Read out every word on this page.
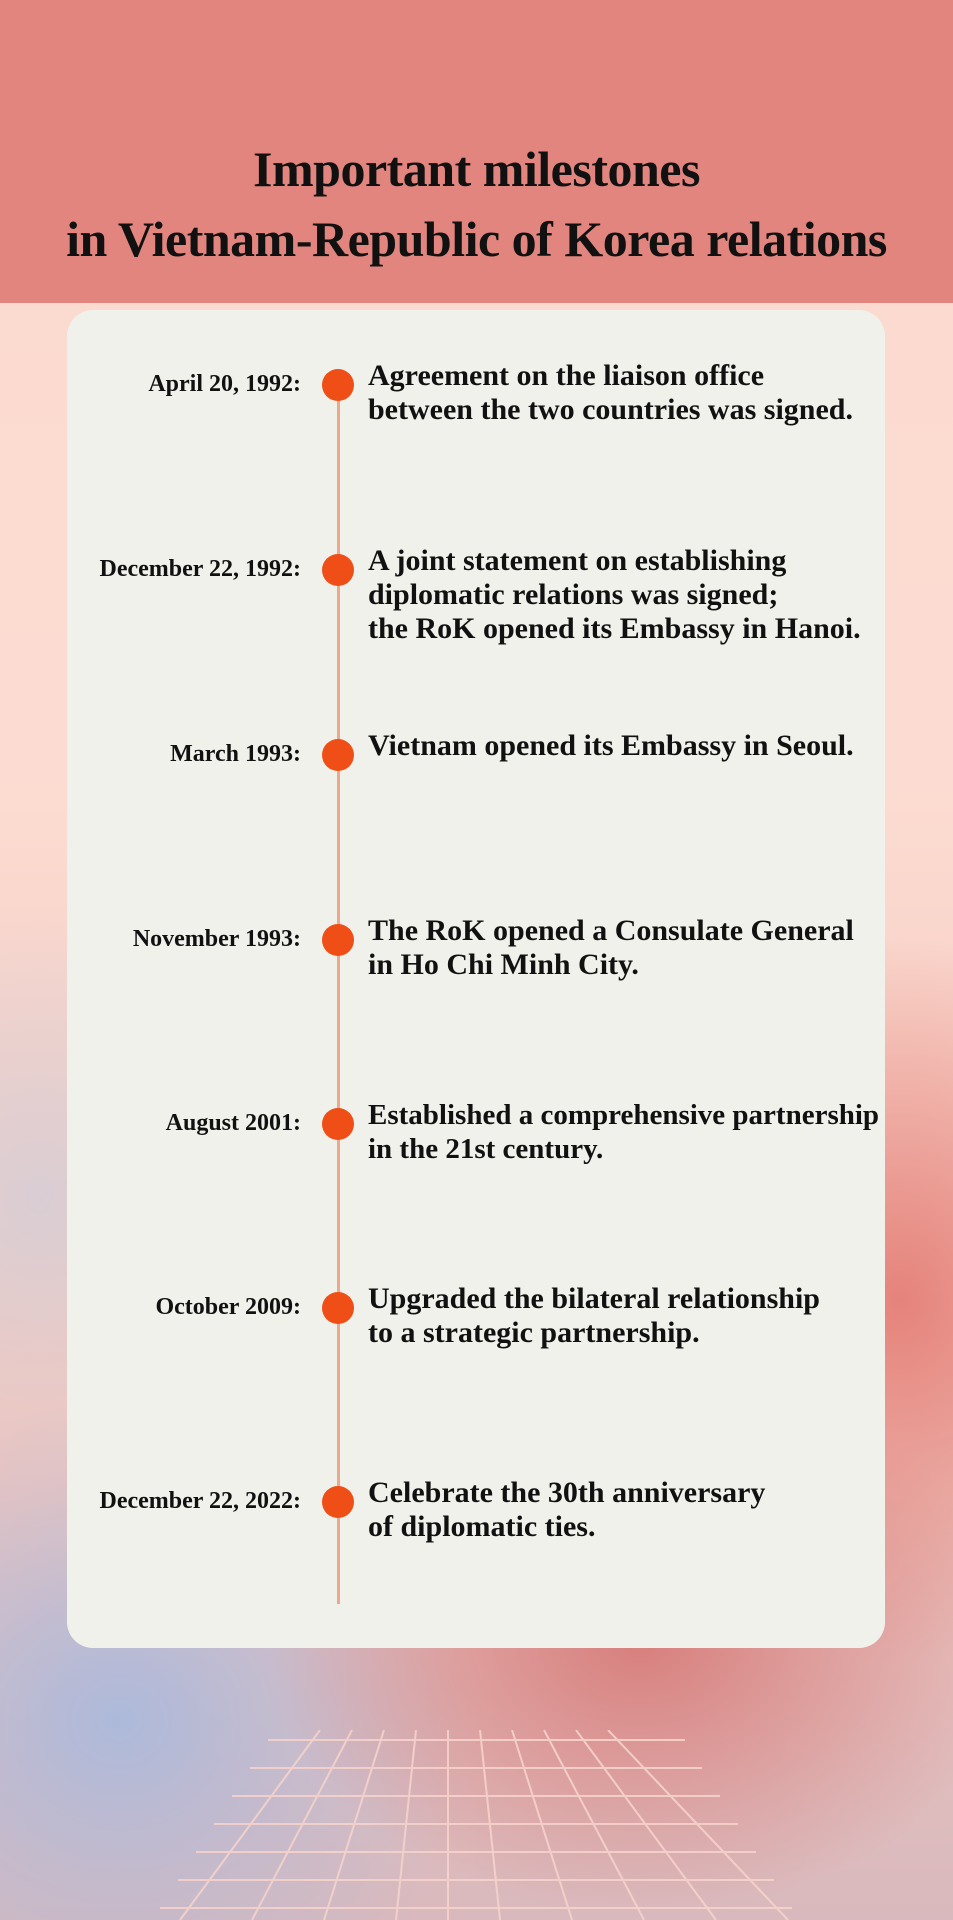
Important milestones
in Vietnam-Republic of Korea relations
April 20, 1992: Agreement on the liaison office
between the two countries was signed.
December 22, 1992: A joint statement on establishing
diplomatic relations was signed;
the RoK opened its Embassy in Hanoi.
March 1993: Vietnam opened its Embassy in Seoul.
November 1993: The RoK opened a Consulate General
in Ho Chi Minh City.
August 2001: Established a comprehensive partnership
in the 21st century.
October 2009: Upgraded the bilateral relationship
to a strategic partnership.
December 22, 2022: Celebrate the 30th anniversary
of diplomatic ties.
